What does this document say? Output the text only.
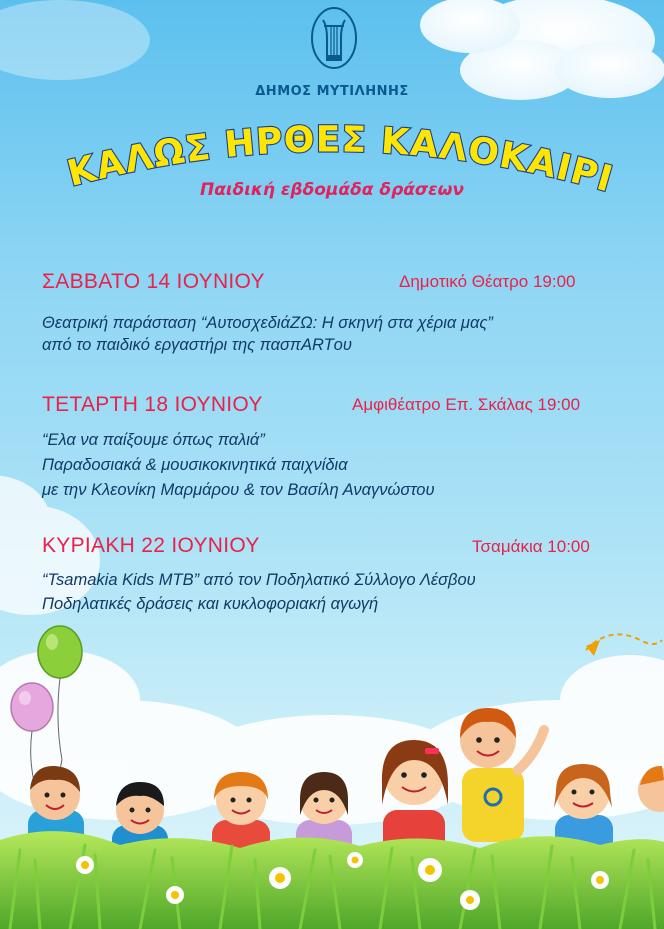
ΔΗΜΟΣ ΜΥΤΙΛΗΝΗΣ
ΚΑΛΩΣ ΗΡΘΕΣ ΚΑΛΟΚΑΙΡΙ
Παιδική εβδομάδα δράσεων
ΣΑΒΒΑΤΟ 14 ΙΟΥΝΙΟΥ	Δημοτικό Θέατρο 19:00
Θεατρική παράσταση “ΑυτοσχεδιάΖΩ: Η σκηνή στα χέρια μας”
από το παιδικό εργαστήρι της πασπARTου
ΤΕΤΑΡΤΗ 18 ΙΟΥΝΙΟΥ	Αμφιθέατρο Επ. Σκάλας 19:00
“Ελα να παίξουμε όπως παλιά”
Παραδοσιακά & μουσικοκινητικά παιχνίδια
με την Κλεονίκη Μαρμάρου & τον Βασίλη Αναγνώστου
ΚΥΡΙΑΚΗ 22 ΙΟΥΝΙΟΥ	Τσαμάκια 10:00
“Tsamakia Kids MTB” από τον Ποδηλατικό Σύλλογο Λέσβου
Ποδηλατικές δράσεις και κυκλοφοριακή αγωγή
